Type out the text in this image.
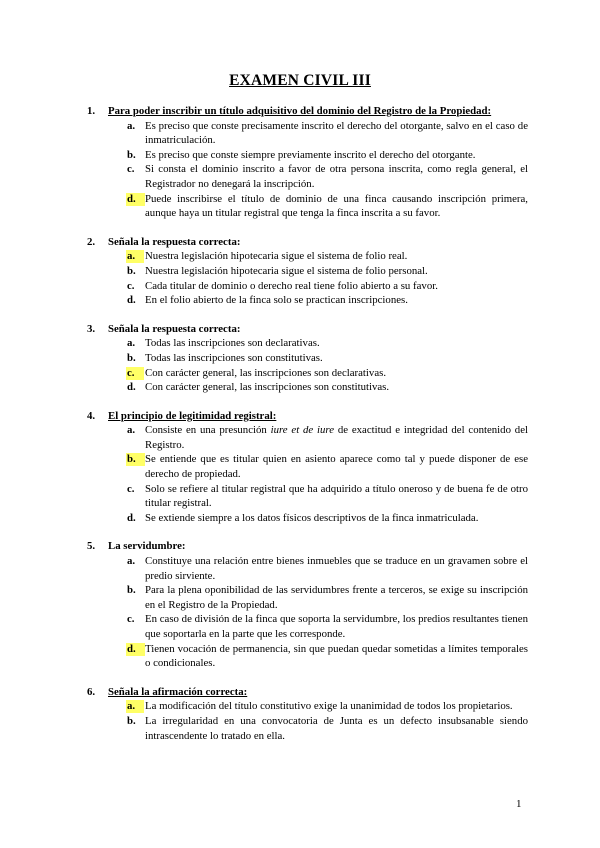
EXAMEN CIVIL III
1. Para poder inscribir un título adquisitivo del dominio del Registro de la Propiedad:
a. Es preciso que conste precisamente inscrito el derecho del otorgante, salvo en el caso de inmatriculación.
b. Es preciso que conste siempre previamente inscrito el derecho del otorgante.
c. Si consta el dominio inscrito a favor de otra persona inscrita, como regla general, el Registrador no denegará la inscripción.
d. Puede inscribirse el título de dominio de una finca causando inscripción primera, aunque haya un titular registral que tenga la finca inscrita a su favor.
2. Señala la respuesta correcta:
a. Nuestra legislación hipotecaria sigue el sistema de folio real.
b. Nuestra legislación hipotecaria sigue el sistema de folio personal.
c. Cada titular de dominio o derecho real tiene folio abierto a su favor.
d. En el folio abierto de la finca solo se practican inscripciones.
3. Señala la respuesta correcta:
a. Todas las inscripciones son declarativas.
b. Todas las inscripciones son constitutivas.
c. Con carácter general, las inscripciones son declarativas.
d. Con carácter general, las inscripciones son constitutivas.
4. El principio de legitimidad registral:
a. Consiste en una presunción iure et de iure de exactitud e integridad del contenido del Registro.
b. Se entiende que es titular quien en asiento aparece como tal y puede disponer de ese derecho de propiedad.
c. Solo se refiere al titular registral que ha adquirido a título oneroso y de buena fe de otro titular registral.
d. Se extiende siempre a los datos físicos descriptivos de la finca inmatriculada.
5. La servidumbre:
a. Constituye una relación entre bienes inmuebles que se traduce en un gravamen sobre el predio sirviente.
b. Para la plena oponibilidad de las servidumbres frente a terceros, se exige su inscripción en el Registro de la Propiedad.
c. En caso de división de la finca que soporta la servidumbre, los predios resultantes tienen que soportarla en la parte que les corresponde.
d. Tienen vocación de permanencia, sin que puedan quedar sometidas a límites temporales o condicionales.
6. Señala la afirmación correcta:
a. La modificación del título constitutivo exige la unanimidad de todos los propietarios.
b. La irregularidad en una convocatoria de Junta es un defecto insubsanable siendo intrascendente lo tratado en ella.
1
